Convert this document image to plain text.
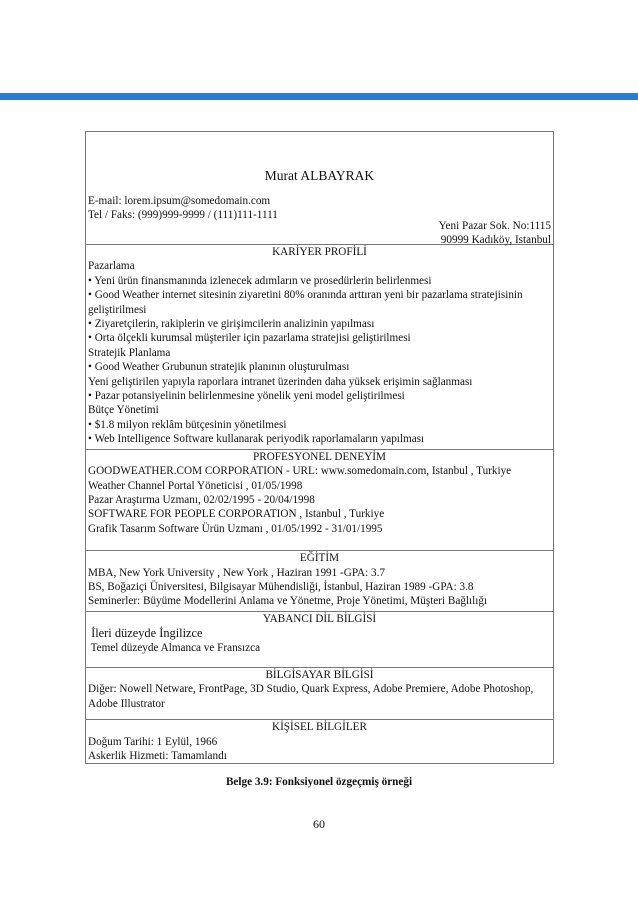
Murat ALBAYRAK
E-mail: lorem.ipsum@somedomain.com
Tel / Faks: (999)999-9999 / (111)111-1111
Yeni Pazar Sok. No:1115
90999 Kadıköy, Istanbul
KARİYER PROFİLİ
Pazarlama
• Yeni ürün finansmanında izlenecek adımların ve prosedürlerin belirlenmesi
• Good Weather internet sitesinin ziyaretini 80% oranında arttıran yeni bir pazarlama stratejisinin
geliştirilmesi
• Ziyaretçilerin, rakiplerin ve girişimcilerin analizinin yapılması
• Orta ölçekli kurumsal müşteriler için pazarlama stratejisi geliştirilmesi
Stratejik Planlama
• Good Weather Grubunun stratejik planının oluşturulması
Yeni geliştirilen yapıyla raporlara intranet üzerinden daha yüksek erişimin sağlanması
• Pazar potansiyelinin belirlenmesine yönelik yeni model geliştirilmesi
Bütçe Yönetimi
• $1.8 milyon reklâm bütçesinin yönetilmesi
• Web Intelligence Software kullanarak periyodik raporlamaların yapılması
PROFESYONEL DENEYİM
GOODWEATHER.COM CORPORATION - URL: www.somedomain.com, Istanbul , Turkiye
Weather Channel Portal Yöneticisi , 01/05/1998
Pazar Araştırma Uzmanı, 02/02/1995 - 20/04/1998
SOFTWARE FOR PEOPLE CORPORATION , Istanbul , Turkiye
Grafik Tasarım Software Ürün Uzmanı , 01/05/1992 - 31/01/1995
EĞİTİM
MBA, New York University , New York , Haziran 1991 -GPA: 3.7
BS, Boğaziçi Üniversitesi, Bilgisayar Mühendisliği, İstanbul, Haziran 1989 -GPA: 3.8
Seminerler: Büyüme Modellerini Anlama ve Yönetme, Proje Yönetimi, Müşteri Bağlılığı
YABANCI DİL BİLGİSİ
İleri düzeyde İngilizce
Temel düzeyde Almanca ve Fransızca
BİLGİSAYAR BİLGİSİ
Diğer: Nowell Netware, FrontPage, 3D Studio, Quark Express, Adobe Premiere, Adobe Photoshop,
Adobe Illustrator
KİŞİSEL BİLGİLER
Doğum Tarihi: 1 Eylül, 1966
Askerlik Hizmeti: Tamamlandı
Belge 3.9: Fonksiyonel özgeçmiş örneği
60
